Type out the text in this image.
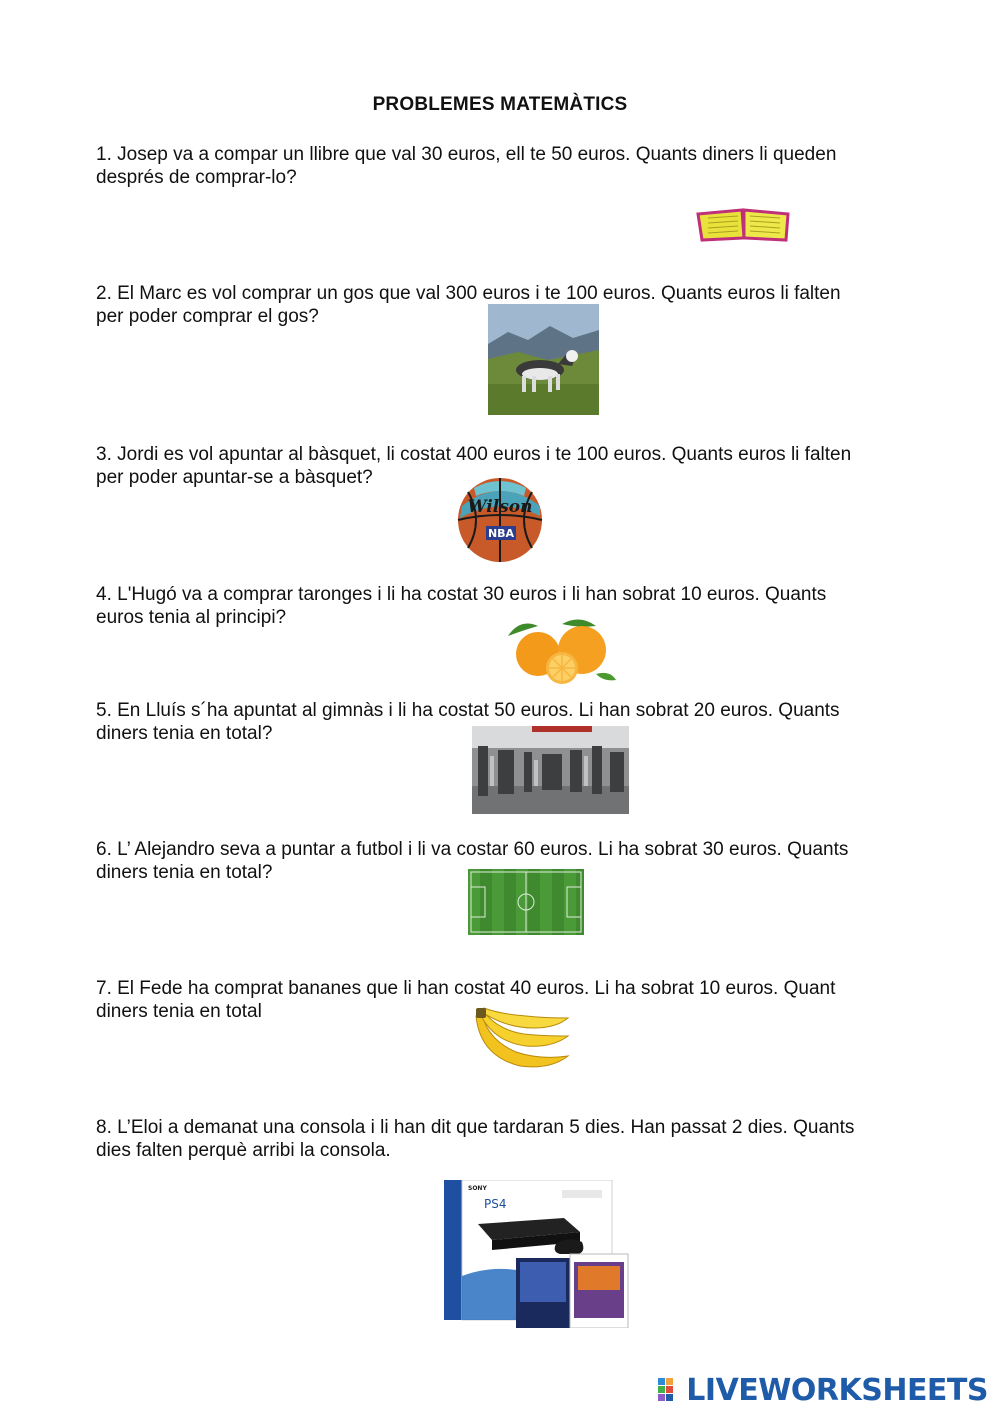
PROBLEMES MATEMÀTICS
1. Josep va a compar un llibre que val 30 euros, ell te 50 euros. Quants diners li queden
després de comprar-lo?
2. El Marc es vol comprar un gos que val 300 euros i te 100 euros. Quants euros li falten
per poder comprar el gos?
3. Jordi es vol apuntar al bàsquet, li costat 400 euros i te 100 euros. Quants euros li falten
per poder apuntar-se a bàsquet?
Wilson
NBA
4. L'Hugó va a comprar taronges i li ha costat 30 euros i li han sobrat 10 euros. Quants
euros tenia al principi?
5. En Lluís s´ha apuntat al gimnàs i li ha costat 50 euros. Li han sobrat 20 euros. Quants
diners tenia en total?
6. L’ Alejandro seva a puntar a futbol i li va costar 60 euros. Li ha sobrat 30 euros. Quants
diners tenia en total?
7. El Fede ha comprat bananes que li han costat 40 euros. Li ha sobrat 10 euros. Quant
diners tenia en total
8. L’Eloi a demanat una consola i li han dit que tardaran 5 dies. Han passat 2 dies. Quants
dies falten perquè arribi la consola.
SONY
PS4
LIVEWORKSHEETS
